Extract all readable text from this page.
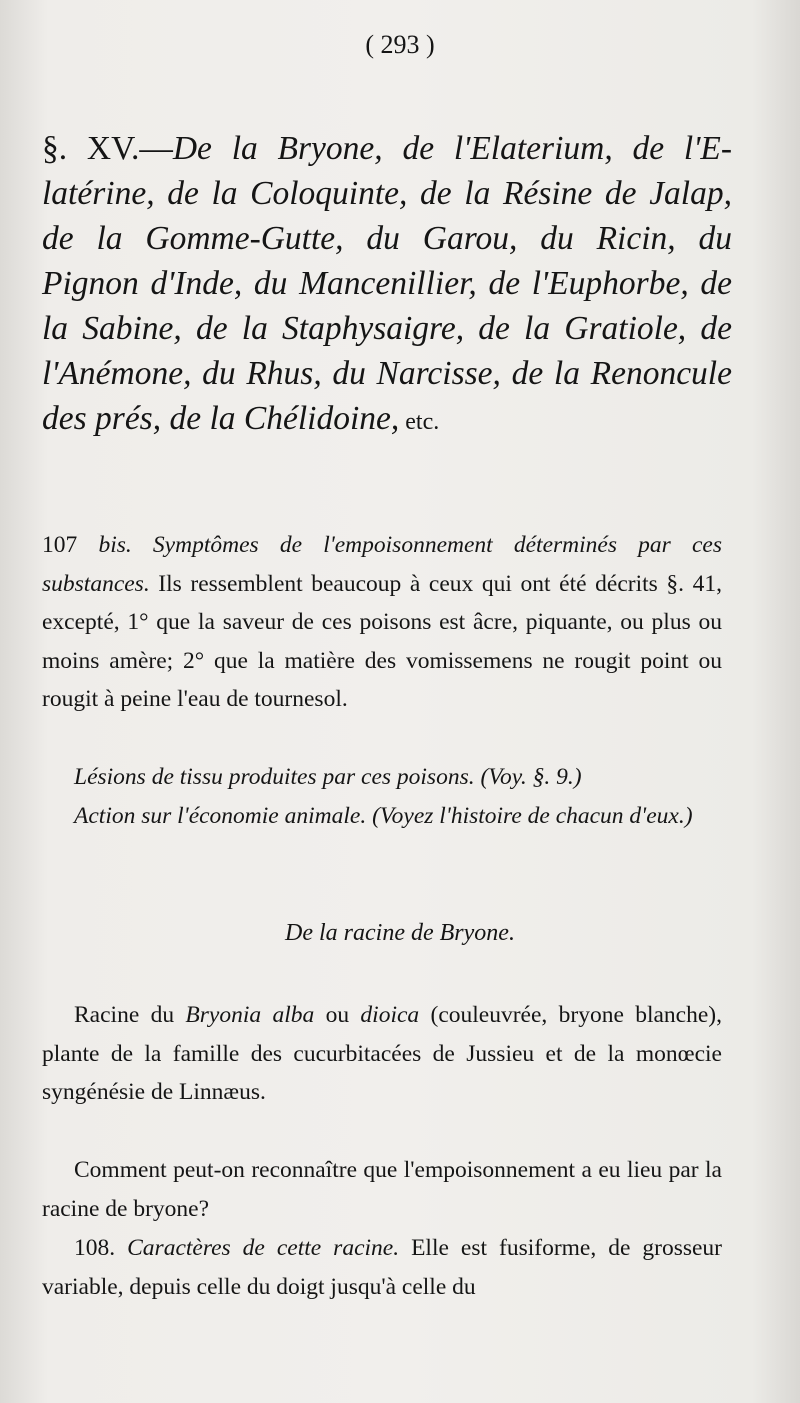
( 293 )
§. XV.—De la Bryone, de l'Elaterium, de l'E-latérine, de la Coloquinte, de la Résine de Jalap, de la Gomme-Gutte, du Garou, du Ricin, du Pignon d'Inde, du Mancenillier, de l'Euphorbe, de la Sabine, de la Staphysaigre, de la Gratiole, de l'Anémone, du Rhus, du Narcisse, de la Renoncule des prés, de la Chélidoine, etc.
107 bis. Symptômes de l'empoisonnement déterminés par ces substances. Ils ressemblent beaucoup à ceux qui ont été décrits §. 41, excepté, 1° que la saveur de ces poisons est âcre, piquante, ou plus ou moins amère; 2° que la matière des vomissemens ne rougit point ou rougit à peine l'eau de tournesol.
Lésions de tissu produites par ces poisons. (Voy. §. 9.)
Action sur l'économie animale. (Voyez l'histoire de chacun d'eux.)
De la racine de Bryone.
Racine du Bryonia alba ou dioica (couleuvrée, bryone blanche), plante de la famille des cucurbitacées de Jussieu et de la monœcie syngénésie de Linnæus.
Comment peut-on reconnaître que l'empoisonnement a eu lieu par la racine de bryone?
108. Caractères de cette racine. Elle est fusiforme, de grosseur variable, depuis celle du doigt jusqu'à celle du
